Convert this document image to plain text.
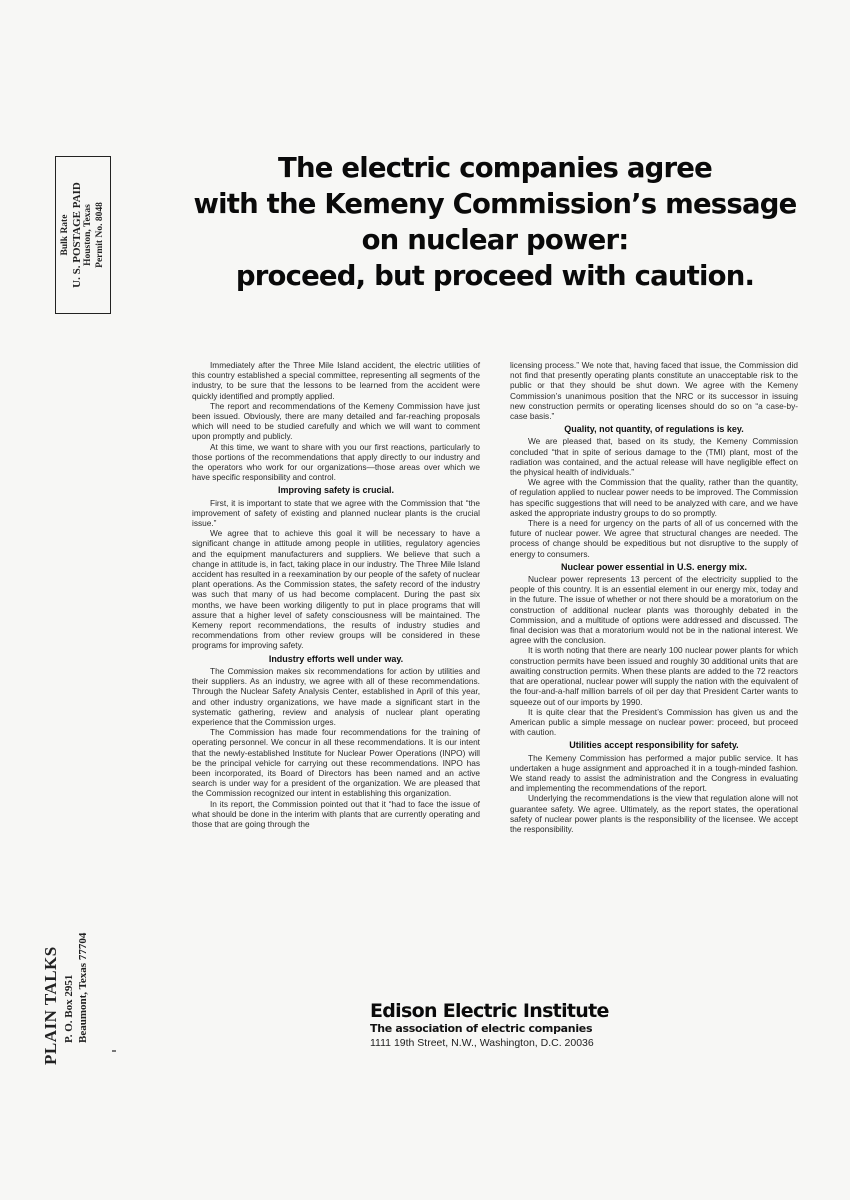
Bulk Rate U. S. POSTAGE PAID Houston, Texas Permit No. 8048
PLAIN TALKS P. O. Box 2951 Beaumont, Texas 77704
The electric companies agree
with the Kemeny Commission’s message
on nuclear power:
proceed, but proceed with caution.

Immediately after the Three Mile Island accident, the electric utilities of this country established a special committee, representing all segments of the industry, to be sure that the lessons to be learned from the accident were quickly identified and promptly applied.

The report and recommendations of the Kemeny Commission have just been issued. Obviously, there are many detailed and far-reaching proposals which will need to be studied carefully and which we will want to comment upon promptly and publicly.

At this time, we want to share with you our first reactions, particularly to those portions of the recommendations that apply directly to our industry and the operators who work for our organizations—those areas over which we have specific responsibility and control.

Improving safety is crucial.

First, it is important to state that we agree with the Commission that “the improvement of safety of existing and planned nuclear plants is the crucial issue.”

We agree that to achieve this goal it will be necessary to have a significant change in attitude among people in utilities, regulatory agencies and the equipment manufacturers and suppliers. We believe that such a change in attitude is, in fact, taking place in our industry. The Three Mile Island accident has resulted in a reexamination by our people of the safety of nuclear plant operations. As the Commission states, the safety record of the industry was such that many of us had become complacent. During the past six months, we have been working diligently to put in place programs that will assure that a higher level of safety consciousness will be maintained. The Kemeny report recommendations, the results of industry studies and recommendations from other review groups will be considered in these programs for improving safety.

Industry efforts well under way.

The Commission makes six recommendations for action by utilities and their suppliers. As an industry, we agree with all of these recommendations. Through the Nuclear Safety Analysis Center, established in April of this year, and other industry organizations, we have made a significant start in the systematic gathering, review and analysis of nuclear plant operating experience that the Commission urges.

The Commission has made four recommendations for the training of operating personnel. We concur in all these recommendations. It is our intent that the newly-established Institute for Nuclear Power Operations (INPO) will be the principal vehicle for carrying out these recommendations. INPO has been incorporated, its Board of Directors has been named and an active search is under way for a president of the organization. We are pleased that the Commission recognized our intent in establishing this organization.

In its report, the Commission pointed out that it “had to face the issue of what should be done in the interim with plants that are currently operating and those that are going through the

licensing process.” We note that, having faced that issue, the Commission did not find that presently operating plants constitute an unacceptable risk to the public or that they should be shut down. We agree with the Kemeny Commission’s unanimous position that the NRC or its successor in issuing new construction permits or operating licenses should do so on “a case-by-case basis.”

Quality, not quantity, of regulations is key.

We are pleased that, based on its study, the Kemeny Commission concluded “that in spite of serious damage to the (TMI) plant, most of the radiation was contained, and the actual release will have negligible effect on the physical health of individuals.”

We agree with the Commission that the quality, rather than the quantity, of regulation applied to nuclear power needs to be improved. The Commission has specific suggestions that will need to be analyzed with care, and we have asked the appropriate industry groups to do so promptly.

There is a need for urgency on the parts of all of us concerned with the future of nuclear power. We agree that structural changes are needed. The process of change should be expeditious but not disruptive to the supply of energy to consumers.

Nuclear power essential in U.S. energy mix.

Nuclear power represents 13 percent of the electricity supplied to the people of this country. It is an essential element in our energy mix, today and in the future. The issue of whether or not there should be a moratorium on the construction of additional nuclear plants was thoroughly debated in the Commission, and a multitude of options were addressed and discussed. The final decision was that a moratorium would not be in the national interest. We agree with the conclusion.

It is worth noting that there are nearly 100 nuclear power plants for which construction permits have been issued and roughly 30 additional units that are awaiting construction permits. When these plants are added to the 72 reactors that are operational, nuclear power will supply the nation with the equivalent of the four-and-a-half million barrels of oil per day that President Carter wants to squeeze out of our imports by 1990.

It is quite clear that the President’s Commission has given us and the American public a simple message on nuclear power: proceed, but proceed with caution.

Utilities accept responsibility for safety.

The Kemeny Commission has performed a major public service. It has undertaken a huge assignment and approached it in a tough-minded fashion. We stand ready to assist the administration and the Congress in evaluating and implementing the recommendations of the report.

Underlying the recommendations is the view that regulation alone will not guarantee safety. We agree. Ultimately, as the report states, the operational safety of nuclear power plants is the responsibility of the licensee. We accept the responsibility.

Edison Electric Institute
The association of electric companies
1111 19th Street, N.W., Washington, D.C. 20036
